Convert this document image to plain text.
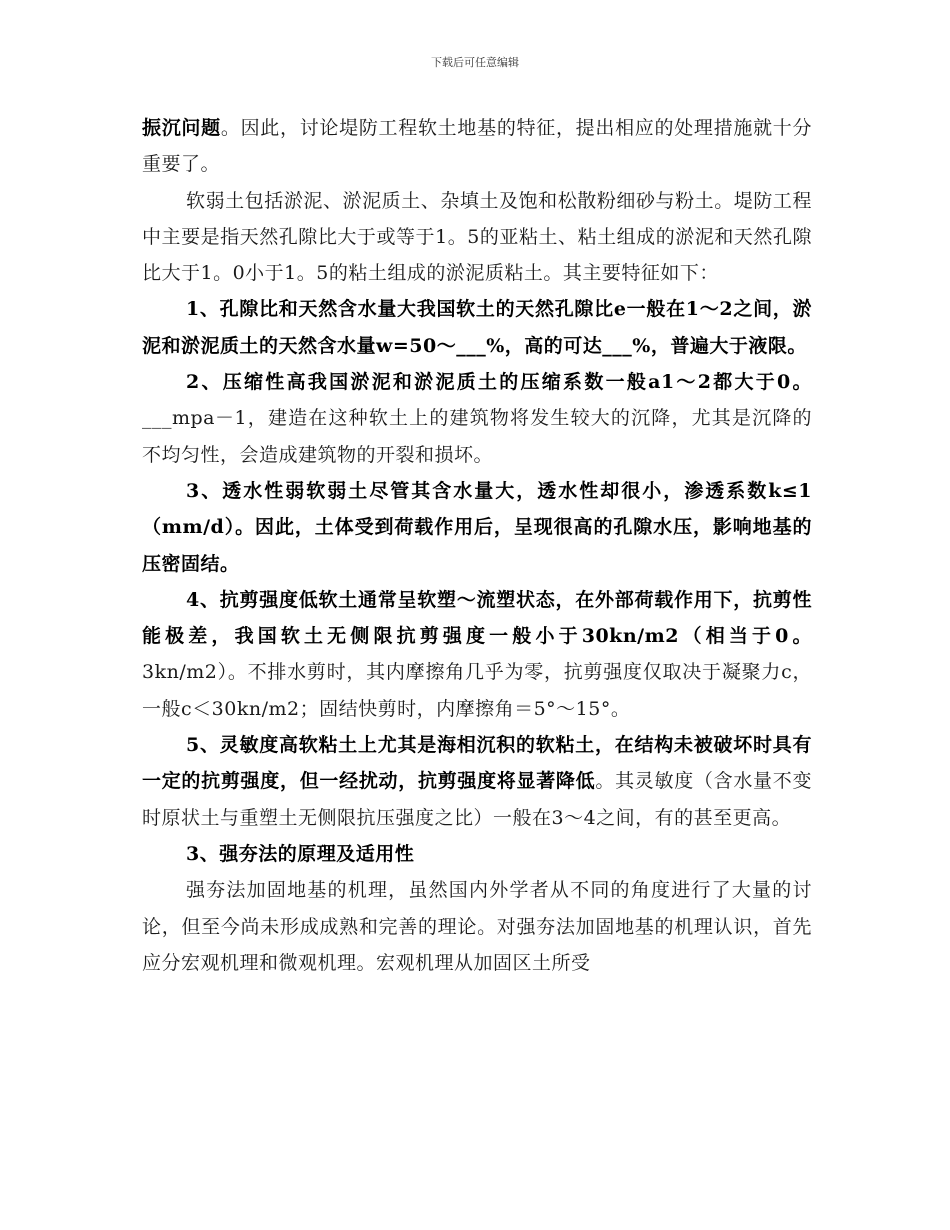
下载后可任意编辑

振沉问题。因此，讨论堤防工程软土地基的特征，提出相应的处理措施就十分重要了。

软弱土包括淤泥、淤泥质土、杂填土及饱和松散粉细砂与粉土。堤防工程中主要是指天然孔隙比大于或等于1。5的亚粘土、粘土组成的淤泥和天然孔隙比大于1。0小于1。5的粘土组成的淤泥质粘土。其主要特征如下：

1、孔隙比和天然含水量大我国软土的天然孔隙比e一般在1～2之间，淤泥和淤泥质土的天然含水量w=50～___%，高的可达___%，普遍大于液限。

2、压缩性高我国淤泥和淤泥质土的压缩系数一般a1～2都大于0。___mpa－1，建造在这种软土上的建筑物将发生较大的沉降，尤其是沉降的不均匀性，会造成建筑物的开裂和损坏。

3、透水性弱软弱土尽管其含水量大，透水性却很小，渗透系数k≤1（mm/d）。因此，土体受到荷载作用后，呈现很高的孔隙水压，影响地基的压密固结。

4、抗剪强度低软土通常呈软塑～流塑状态，在外部荷载作用下，抗剪性能极差，我国软土无侧限抗剪强度一般小于30kn/m2（相当于0。3kn/m2）。不排水剪时，其内摩擦角几乎为零，抗剪强度仅取决于凝聚力c，一般c＜30kn/m2；固结快剪时，内摩擦角＝5°～15°。

5、灵敏度高软粘土上尤其是海相沉积的软粘土，在结构未被破坏时具有一定的抗剪强度，但一经扰动，抗剪强度将显著降低。其灵敏度（含水量不变时原状土与重塑土无侧限抗压强度之比）一般在3～4之间，有的甚至更高。

3、强夯法的原理及适用性

强夯法加固地基的机理，虽然国内外学者从不同的角度进行了大量的讨论，但至今尚未形成成熟和完善的理论。对强夯法加固地基的机理认识，首先应分宏观机理和微观机理。宏观机理从加固区土所受
